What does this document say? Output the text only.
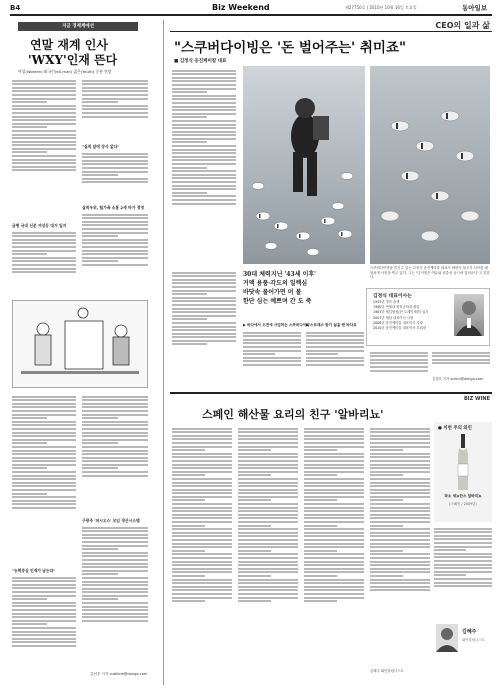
B4	Biz Weekend	제27750호 | 2010년 10월 16일 토요일	동아일보
지금 경제계에선
연말 재계 인사
'WXY'인재 뜬다
여성(Women)·외국인(eX-man)·젊은(Youth) 중용 전망
균형 국내 신분 여성등 대거 입지
"실적 앞에 장사 없다"
실적우위, 틸가족 소통 2세 마가 경영
"능력중심 인재가 남는다"
구광주 '퍼시오스' 모임 생산시스템
김선우 기자 sublime@donga.com
CEO의 일과 삶
"스쿠버다이빙은 '돈 벌어주는' 취미죠"
■ 김정식 웅진케미칼 대표
스쿠버다이빙을 즐기고 있는 김정식 웅진케미칼 대표가 바닷속 물고기 사이를 헤엄치며 사진을 찍고 있다. 그는 "다이빙은 여유와 집중을 동시에 길러준다"고 말한다.
30대 체력지닌 '43세 이후'
거액 용품·각도의 일렉심
바닷속 물어가면 머 볼
한단 심는 예쁘며 간 도 죽
김정식 대표이사는
1955년 경북 출생
1980년 연세대 화학공학과 졸업
1983년 제일합섬(현 도레이새한) 입사
2007년 새한 대표이사 사장
2008년 웅진케미칼 대표이사 사장
2010년 웅진케미칼 대표이사 부회장
▶ 바다에서 오전에 사업하는 스쿠버다이빙
▶ 스트레스 받기 싫을 땐 바다로
김상운 기자 sukim@donga.com
BIZ WINE
스페인 해산물 요리의 친구 '알바리뇨'
김혜주 와인칼럼니스트
● 이번 주의 와인
파소 세뇨란스 알바리뇨
(스페인 / 2009년)
김혜주
와인칼럼니스트
